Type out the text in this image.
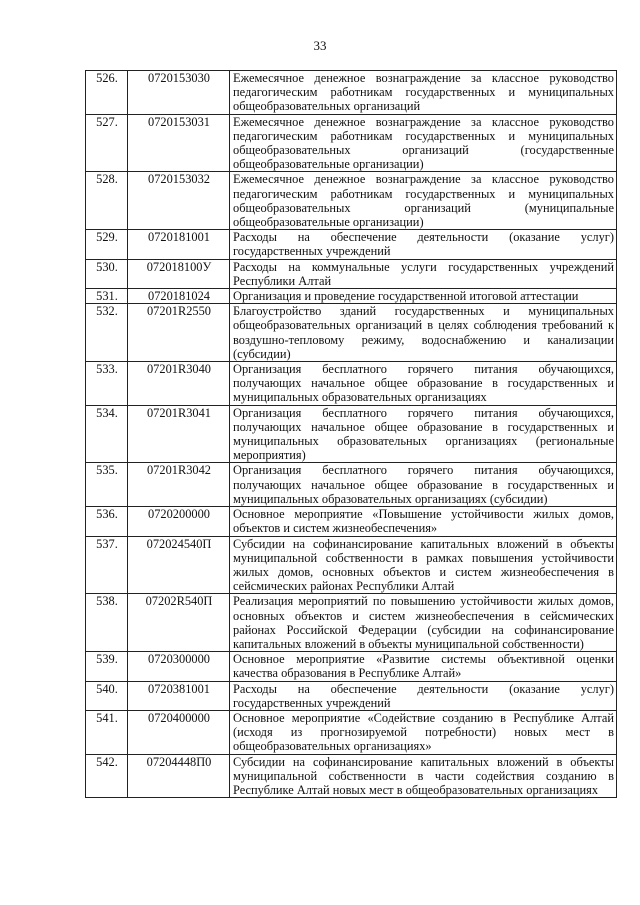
33
526.	0720153030	Ежемесячное денежное вознаграждение за классное руководство педагогическим работникам государственных и муниципальных общеобразовательных организаций
527.	0720153031	Ежемесячное денежное вознаграждение за классное руководство педагогическим работникам государственных и муниципальных общеобразовательных организаций (государственные общеобразовательные организации)
528.	0720153032	Ежемесячное денежное вознаграждение за классное руководство педагогическим работникам государственных и муниципальных общеобразовательных организаций (муниципальные общеобразовательные организации)
529.	0720181001	Расходы на обеспечение деятельности (оказание услуг) государственных учреждений
530.	072018100У	Расходы на коммунальные услуги государственных учреждений Республики Алтай
531.	0720181024	Организация и проведение государственной итоговой аттестации
532.	07201R2550	Благоустройство зданий государственных и муниципальных общеобразовательных организаций в целях соблюдения требований к воздушно-тепловому режиму, водоснабжению и канализации (субсидии)
533.	07201R3040	Организация бесплатного горячего питания обучающихся, получающих начальное общее образование в государственных и муниципальных образовательных организациях
534.	07201R3041	Организация бесплатного горячего питания обучающихся, получающих начальное общее образование в государственных и муниципальных образовательных организациях (региональные мероприятия)
535.	07201R3042	Организация бесплатного горячего питания обучающихся, получающих начальное общее образование в государственных и муниципальных образовательных организациях (субсидии)
536.	0720200000	Основное мероприятие «Повышение устойчивости жилых домов, объектов и систем жизнеобеспечения»
537.	072024540П	Субсидии на софинансирование капитальных вложений в объекты муниципальной собственности в рамках повышения устойчивости жилых домов, основных объектов и систем жизнеобеспечения в сейсмических районах Республики Алтай
538.	07202R540П	Реализация мероприятий по повышению устойчивости жилых домов, основных объектов и систем жизнеобеспечения в сейсмических районах Российской Федерации (субсидии на софинансирование капитальных вложений в объекты муниципальной собственности)
539.	0720300000	Основное мероприятие «Развитие системы объективной оценки качества образования в Республике Алтай»
540.	0720381001	Расходы на обеспечение деятельности (оказание услуг) государственных учреждений
541.	0720400000	Основное мероприятие «Содействие созданию в Республике Алтай (исходя из прогнозируемой потребности) новых мест в общеобразовательных организациях»
542.	07204448П0	Субсидии на софинансирование капитальных вложений в объекты муниципальной собственности в части содействия созданию в Республике Алтай новых мест в общеобразовательных организациях
